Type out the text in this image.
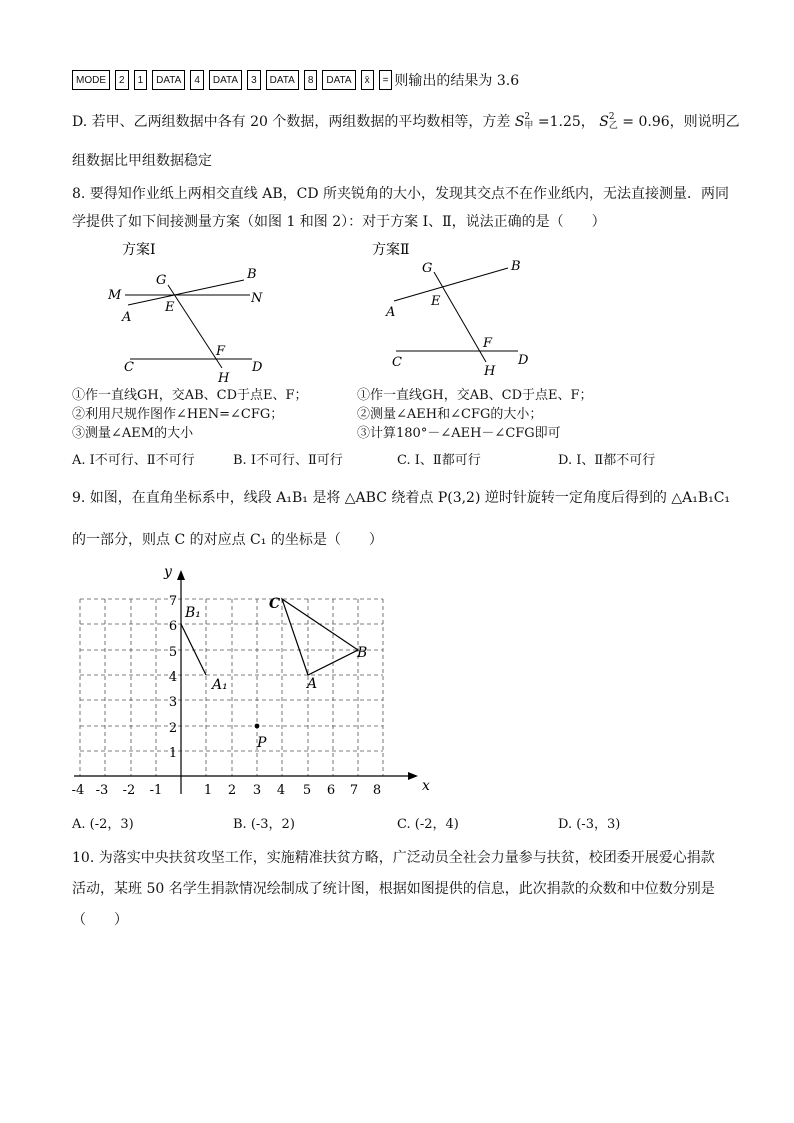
MODE	2	1	DATA	4	DATA	3	DATA	8	DATA	x̄	= 则输出的结果为 3.6
D. 若甲、乙两组数据中各有 20 个数据，两组数据的平均数相等，方差 S 2
甲 =1.25， S 2
乙 = 0.96，则说明乙
组数据比甲组数据稳定
8. 要得知作业纸上两相交直线 AB，CD 所夹锐角的大小，发现其交点不在作业纸内，无法直接测量．两同
学提供了如下间接测量方案（如图 1 和图 2）：对于方案 Ⅰ、Ⅱ，说法正确的是（　　）
方案Ⅰ
G	B
M	N
A
E
C
F
D
H
方案Ⅱ
G	B
A
E
C
F
D
H
①作一直线GH，交AB、CD于点E、F；
②利用尺规作图作∠HEN=∠CFG；
③测量∠AEM的大小
①作一直线GH，交AB、CD于点E、F；
②测量∠AEH和∠CFG的大小；
③计算180°－∠AEH－∠CFG即可
A. Ⅰ不可行、Ⅱ不可行	B. Ⅰ不可行、Ⅱ可行	C. Ⅰ、Ⅱ都可行	D. Ⅰ、Ⅱ都不可行
9. 如图，在直角坐标系中，线段 A₁B₁ 是将 △ABC 绕着点 P(3,2) 逆时针旋转一定角度后得到的 △A₁B₁C₁
的一部分，则点 C 的对应点 C₁ 的坐标是（　　）
x
y
-4 -3 -2 -1	1 2 3 4 5 6 7 8
1
2
3
4
5
6
7	C
B
A
B₁
A₁
P
A. (-2，3)	B. (-3，2)	C. (-2，4)	D. (-3，3)
10. 为落实中央扶贫攻坚工作，实施精准扶贫方略，广泛动员全社会力量参与扶贫，校团委开展爱心捐款
活动，某班 50 名学生捐款情况绘制成了统计图，根据如图提供的信息，此次捐款的众数和中位数分别是
（　　）
